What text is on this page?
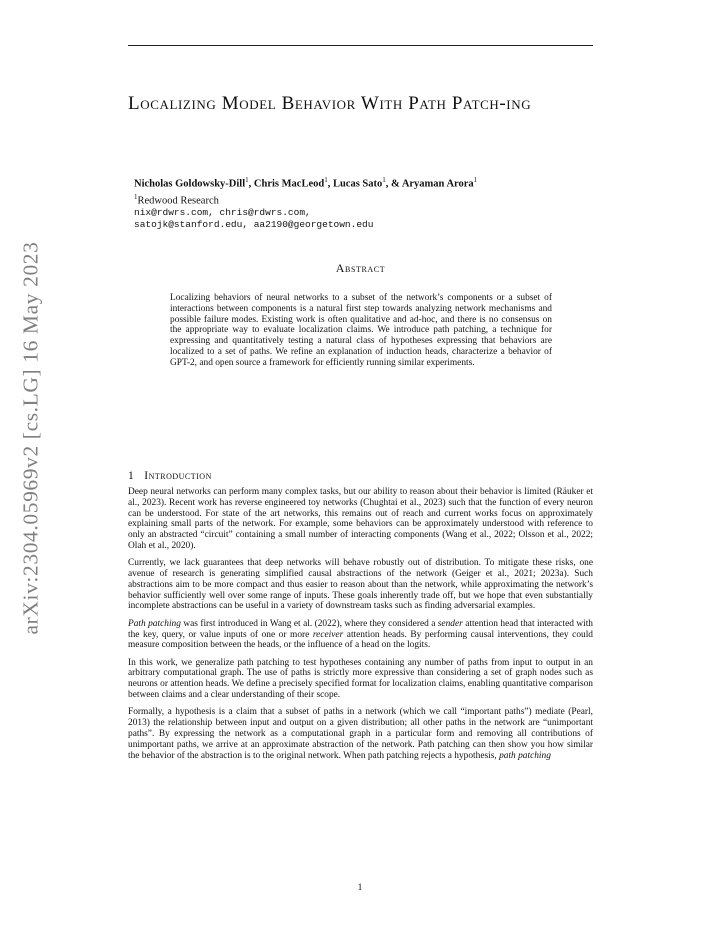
arXiv:2304.05969v2 [cs.LG] 16 May 2023
Localizing Model Behavior With Path Patch-ing
Nicholas Goldowsky-Dill$^1$, Chris MacLeod$^1$, Lucas Sato$^1$, & Aryaman Arora$^1$
$^1$Redwood Research
nix@rdwrs.com, chris@rdwrs.com,
satojk@stanford.edu, aa2190@georgetown.edu
Abstract
Localizing behaviors of neural networks to a subset of the network’s components or a subset of interactions between components is a natural first step towards analyzing network mechanisms and possible failure modes. Existing work is often qualitative and ad-hoc, and there is no consensus on the appropriate way to evaluate localization claims. We introduce path patching, a technique for expressing and quantitatively testing a natural class of hypotheses expressing that behaviors are localized to a set of paths. We refine an explanation of induction heads, characterize a behavior of GPT-2, and open source a framework for efficiently running similar experiments.
1 Introduction

Deep neural networks can perform many complex tasks, but our ability to reason about their behavior is limited (Räuker et al., 2023). Recent work has reverse engineered toy networks (Chughtai et al., 2023) such that the function of every neuron can be understood. For state of the art networks, this remains out of reach and current works focus on approximately explaining small parts of the network. For example, some behaviors can be approximately understood with reference to only an abstracted “circuit” containing a small number of interacting components (Wang et al., 2022; Olsson et al., 2022; Olah et al., 2020).

Currently, we lack guarantees that deep networks will behave robustly out of distribution. To mitigate these risks, one avenue of research is generating simplified causal abstractions of the network (Geiger et al., 2021; 2023a). Such abstractions aim to be more compact and thus easier to reason about than the network, while approximating the network’s behavior sufficiently well over some range of inputs. These goals inherently trade off, but we hope that even substantially incomplete abstractions can be useful in a variety of downstream tasks such as finding adversarial examples.

Path patching was first introduced in Wang et al. (2022), where they considered a sender attention head that interacted with the key, query, or value inputs of one or more receiver attention heads. By performing causal interventions, they could measure composition between the heads, or the influence of a head on the logits.

In this work, we generalize path patching to test hypotheses containing any number of paths from input to output in an arbitrary computational graph. The use of paths is strictly more expressive than considering a set of graph nodes such as neurons or attention heads. We define a precisely specified format for localization claims, enabling quantitative comparison between claims and a clear understanding of their scope.

Formally, a hypothesis is a claim that a subset of paths in a network (which we call “important paths”) mediate (Pearl, 2013) the relationship between input and output on a given distribution; all other paths in the network are “unimportant paths”. By expressing the network as a computational graph in a particular form and removing all contributions of unimportant paths, we arrive at an approximate abstraction of the network. Path patching can then show you how similar the behavior of the abstraction is to the original network. When path patching rejects a hypothesis, path patching

1
